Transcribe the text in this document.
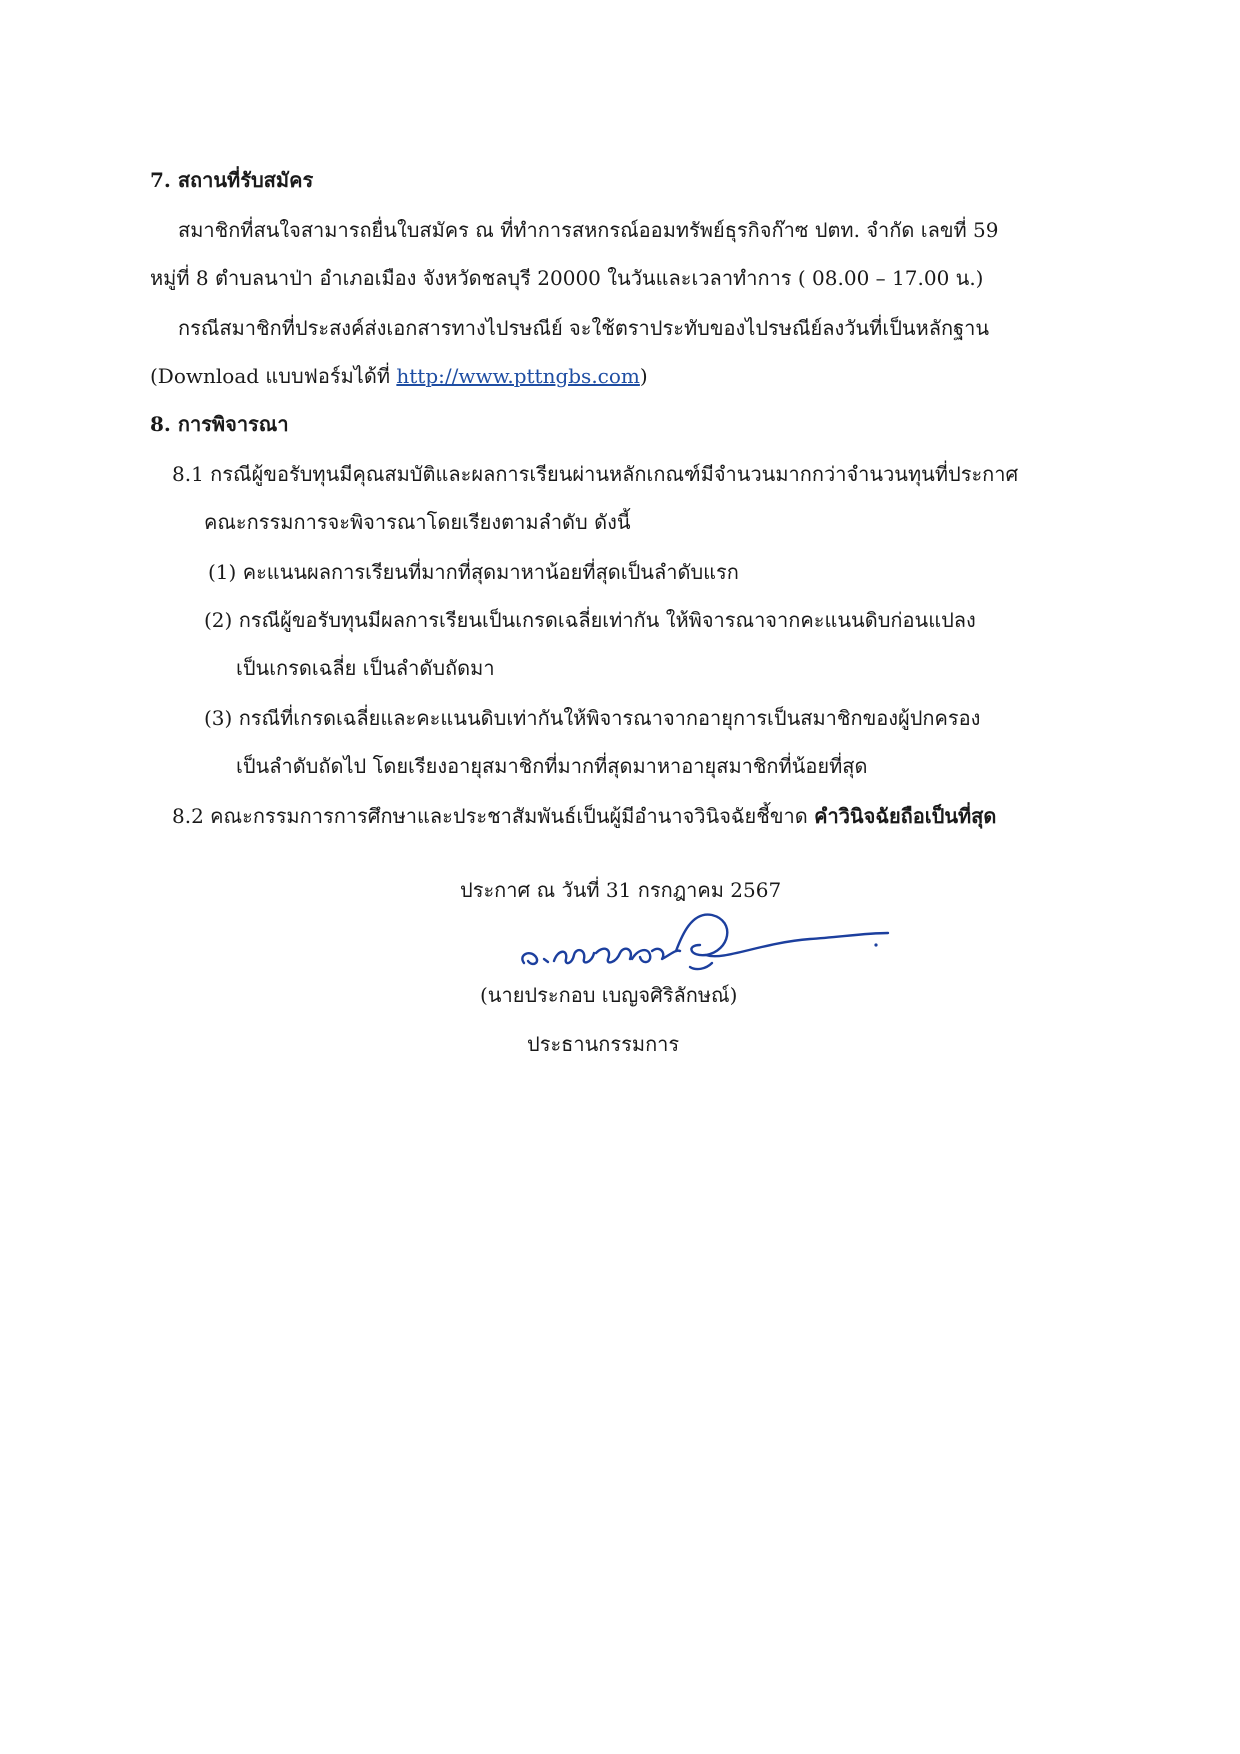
7. สถานที่รับสมัคร
สมาชิกที่สนใจสามารถยื่นใบสมัคร ณ ที่ทำการสหกรณ์ออมทรัพย์ธุรกิจก๊าซ ปตท. จำกัด เลขที่ 59
หมู่ที่ 8 ตำบลนาป่า อำเภอเมือง จังหวัดชลบุรี 20000 ในวันและเวลาทำการ ( 08.00 – 17.00 น.)
กรณีสมาชิกที่ประสงค์ส่งเอกสารทางไปรษณีย์ จะใช้ตราประทับของไปรษณีย์ลงวันที่เป็นหลักฐาน
(Download แบบฟอร์มได้ที่ http://www.pttngbs.com)
8. การพิจารณา
8.1 กรณีผู้ขอรับทุนมีคุณสมบัติและผลการเรียนผ่านหลักเกณฑ์มีจำนวนมากกว่าจำนวนทุนที่ประกาศ
คณะกรรมการจะพิจารณาโดยเรียงตามลำดับ ดังนี้
(1) คะแนนผลการเรียนที่มากที่สุดมาหาน้อยที่สุดเป็นลำดับแรก
(2) กรณีผู้ขอรับทุนมีผลการเรียนเป็นเกรดเฉลี่ยเท่ากัน ให้พิจารณาจากคะแนนดิบก่อนแปลง
เป็นเกรดเฉลี่ย เป็นลำดับถัดมา
(3) กรณีที่เกรดเฉลี่ยและคะแนนดิบเท่ากันให้พิจารณาจากอายุการเป็นสมาชิกของผู้ปกครอง
เป็นลำดับถัดไป โดยเรียงอายุสมาชิกที่มากที่สุดมาหาอายุสมาชิกที่น้อยที่สุด
8.2 คณะกรรมการการศึกษาและประชาสัมพันธ์เป็นผู้มีอำนาจวินิจฉัยชี้ขาด คำวินิจฉัยถือเป็นที่สุด
ประกาศ ณ วันที่ 31 กรกฎาคม 2567
(นายประกอบ เบญจศิริลักษณ์)
ประธานกรรมการ
